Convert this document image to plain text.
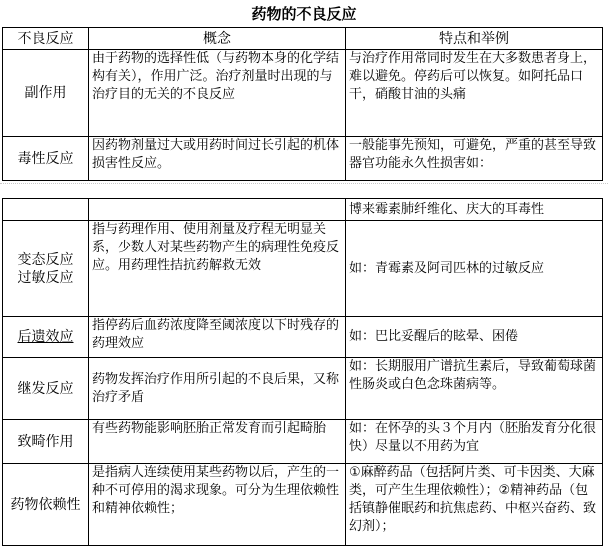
药物的不良反应
不良反应	概念	特点和举例
副作用	由于药物的选择性低（与药物本身的化学结构有关），作用广泛。治疗剂量时出现的与治疗目的无关的不良反应	与治疗作用常同时发生在大多数患者身上，难以避免。停药后可以恢复。如阿托品口干，硝酸甘油的头痛
毒性反应	因药物剂量过大或用药时间过长引起的机体损害性反应。	一般能事先预知，可避免，严重的甚至导致器官功能永久性损害如：
		博来霉素肺纤维化、庆大的耳毒性
变态反应
过敏反应	指与药理作用、使用剂量及疗程无明显关系，少数人对某些药物产生的病理性免疫反应。用药理性拮抗药解救无效	如：青霉素及阿司匹林的过敏反应
后遗效应	指停药后血药浓度降至阈浓度以下时残存的药理效应	如：巴比妥醒后的眩晕、困倦
继发反应	药物发挥治疗作用所引起的不良后果，又称治疗矛盾	如：长期服用广谱抗生素后，导致葡萄球菌性肠炎或白色念珠菌病等。
致畸作用	有些药物能影响胚胎正常发育而引起畸胎	如：在怀孕的头３个月内（胚胎发育分化很快）尽量以不用药为宜
药物依赖性	是指病人连续使用某些药物以后，产生的一种不可停用的渴求现象。可分为生理依赖性和精神依赖性；	①麻醉药品（包括阿片类、可卡因类、大麻类，可产生生理依赖性）；②精神药品（包括镇静催眠药和抗焦虑药、中枢兴奋药、致幻剂）；
